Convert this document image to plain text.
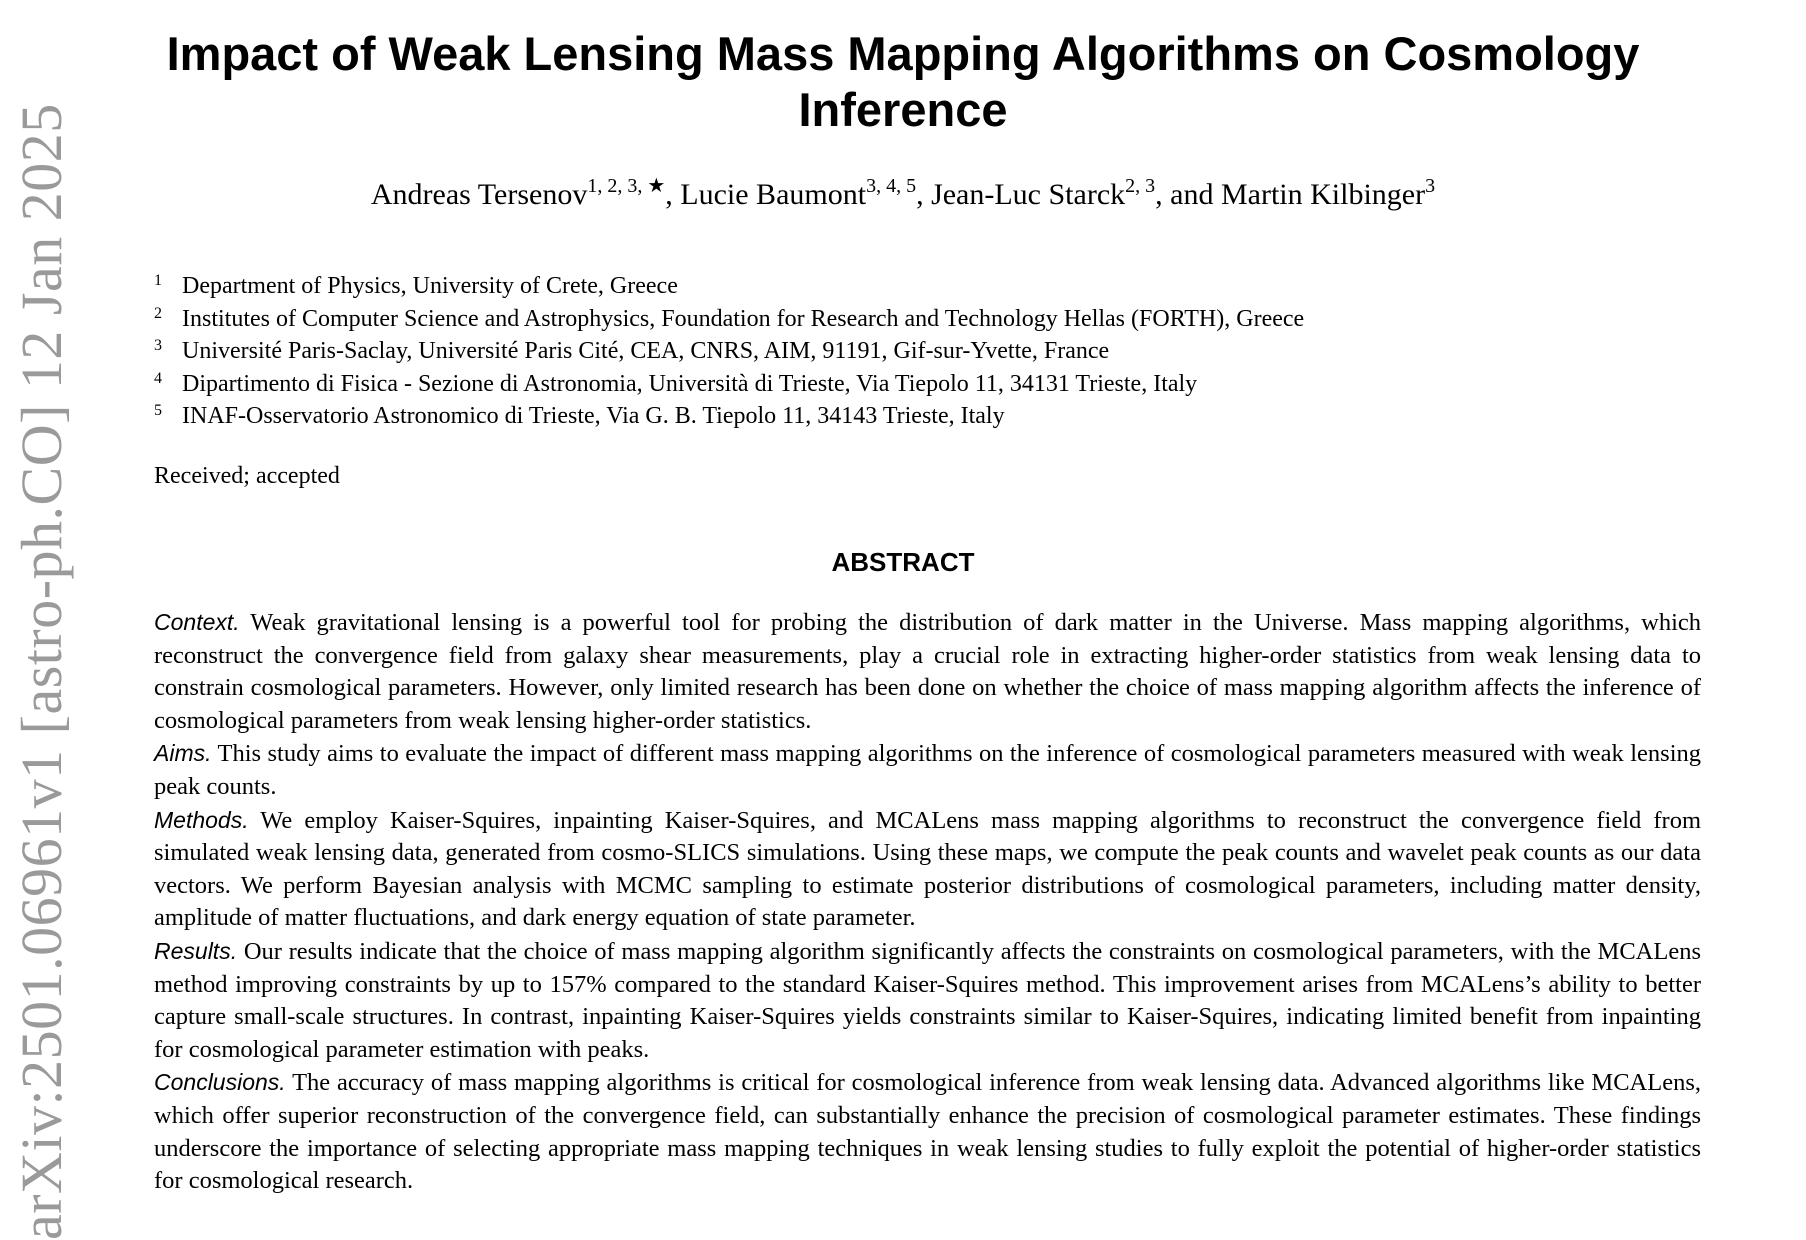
arXiv:2501.06961v1 [astro-ph.CO] 12 Jan 2025
Impact of Weak Lensing Mass Mapping Algorithms on Cosmology Inference
Andreas Tersenov$^{1, 2, 3, ★}$, Lucie Baumont$^{3, 4, 5}$, Jean-Luc Starck$^{2, 3}$, and Martin Kilbinger$^3$
$^1$ Department of Physics, University of Crete, Greece
$^2$ Institutes of Computer Science and Astrophysics, Foundation for Research and Technology Hellas (FORTH), Greece
$^3$ Université Paris-Saclay, Université Paris Cité, CEA, CNRS, AIM, 91191, Gif-sur-Yvette, France
$^4$ Dipartimento di Fisica - Sezione di Astronomia, Università di Trieste, Via Tiepolo 11, 34131 Trieste, Italy
$^5$ INAF-Osservatorio Astronomico di Trieste, Via G. B. Tiepolo 11, 34143 Trieste, Italy
Received; accepted
ABSTRACT

Context. Weak gravitational lensing is a powerful tool for probing the distribution of dark matter in the Universe. Mass mapping algorithms, which reconstruct the convergence field from galaxy shear measurements, play a crucial role in extracting higher-order statistics from weak lensing data to constrain cosmological parameters. However, only limited research has been done on whether the choice of mass mapping algorithm affects the inference of cosmological parameters from weak lensing higher-order statistics.

Aims. This study aims to evaluate the impact of different mass mapping algorithms on the inference of cosmological parameters measured with weak lensing peak counts.

Methods. We employ Kaiser-Squires, inpainting Kaiser-Squires, and MCALens mass mapping algorithms to reconstruct the convergence field from simulated weak lensing data, generated from cosmo-SLICS simulations. Using these maps, we compute the peak counts and wavelet peak counts as our data vectors. We perform Bayesian analysis with MCMC sampling to estimate posterior distributions of cosmological parameters, including matter density, amplitude of matter fluctuations, and dark energy equation of state parameter.

Results. Our results indicate that the choice of mass mapping algorithm significantly affects the constraints on cosmological parameters, with the MCALens method improving constraints by up to 157% compared to the standard Kaiser-Squires method. This improvement arises from MCALens’s ability to better capture small-scale structures. In contrast, inpainting Kaiser-Squires yields constraints similar to Kaiser-Squires, indicating limited benefit from inpainting for cosmological parameter estimation with peaks.

Conclusions. The accuracy of mass mapping algorithms is critical for cosmological inference from weak lensing data. Advanced algorithms like MCALens, which offer superior reconstruction of the convergence field, can substantially enhance the precision of cosmological parameter estimates. These findings underscore the importance of selecting appropriate mass mapping techniques in weak lensing studies to fully exploit the potential of higher-order statistics for cosmological research.
